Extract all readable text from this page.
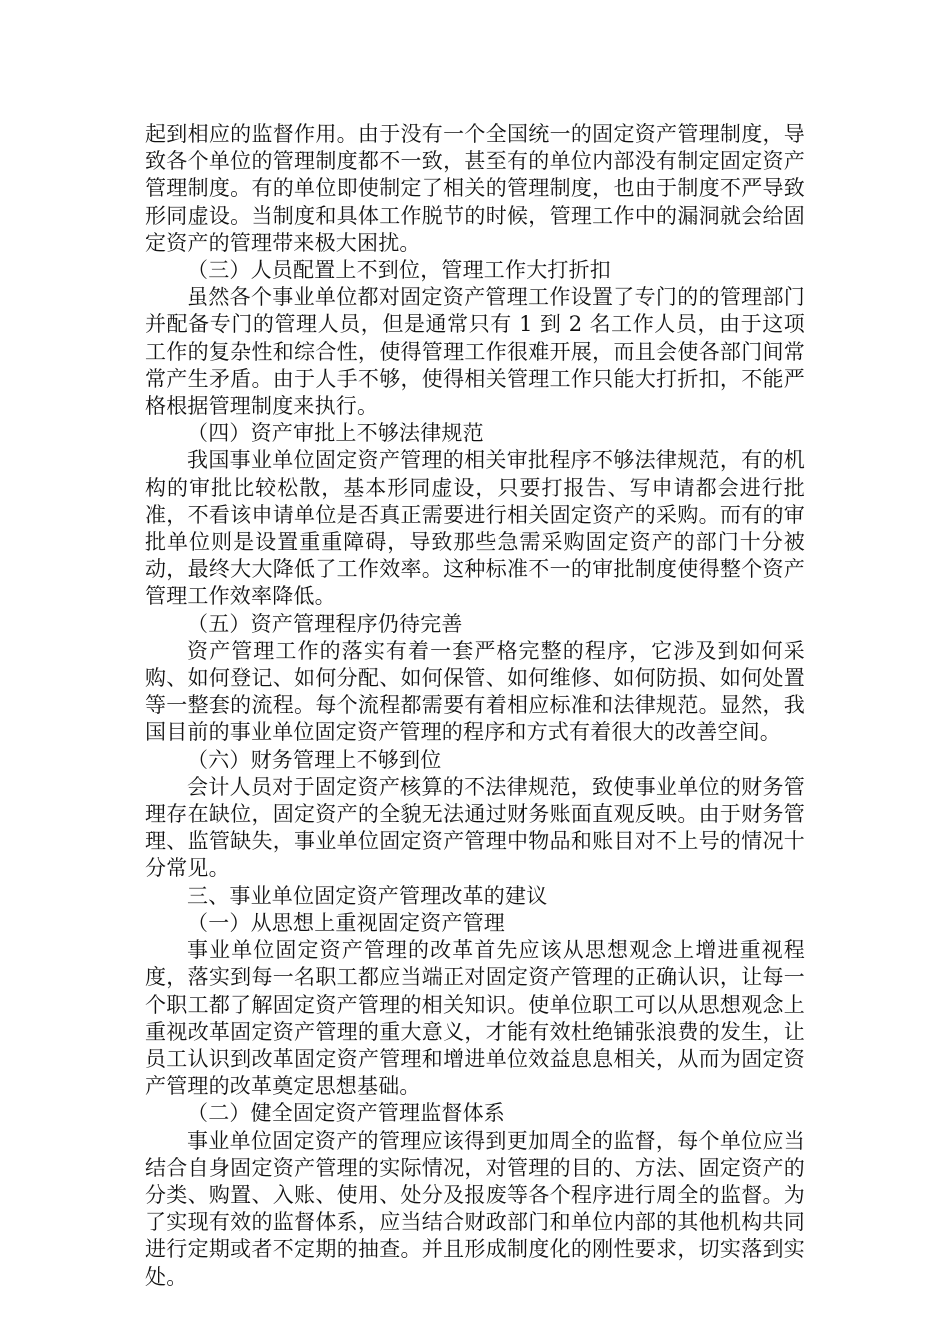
起到相应的监督作用。由于没有一个全国统一的固定资产管理制度，导致各个单位的管理制度都不一致，甚至有的单位内部没有制定固定资产管理制度。有的单位即使制定了相关的管理制度，也由于制度不严导致形同虚设。当制度和具体工作脱节的时候，管理工作中的漏洞就会给固定资产的管理带来极大困扰。

（三）人员配置上不到位，管理工作大打折扣

虽然各个事业单位都对固定资产管理工作设置了专门的的管理部门并配备专门的管理人员，但是通常只有 1 到 2 名工作人员，由于这项工作的复杂性和综合性，使得管理工作很难开展，而且会使各部门间常常产生矛盾。由于人手不够，使得相关管理工作只能大打折扣，不能严格根据管理制度来执行。

（四）资产审批上不够法律规范

我国事业单位固定资产管理的相关审批程序不够法律规范，有的机构的审批比较松散，基本形同虚设，只要打报告、写申请都会进行批准，不看该申请单位是否真正需要进行相关固定资产的采购。而有的审批单位则是设置重重障碍，导致那些急需采购固定资产的部门十分被动，最终大大降低了工作效率。这种标准不一的审批制度使得整个资产管理工作效率降低。

（五）资产管理程序仍待完善

资产管理工作的落实有着一套严格完整的程序，它涉及到如何采购、如何登记、如何分配、如何保管、如何维修、如何防损、如何处置等一整套的流程。每个流程都需要有着相应标准和法律规范。显然，我国目前的事业单位固定资产管理的程序和方式有着很大的改善空间。

（六）财务管理上不够到位

会计人员对于固定资产核算的不法律规范，致使事业单位的财务管理存在缺位，固定资产的全貌无法通过财务账面直观反映。由于财务管理、监管缺失，事业单位固定资产管理中物品和账目对不上号的情况十分常见。

三、事业单位固定资产管理改革的建议

（一）从思想上重视固定资产管理

事业单位固定资产管理的改革首先应该从思想观念上增进重视程度，落实到每一名职工都应当端正对固定资产管理的正确认识，让每一个职工都了解固定资产管理的相关知识。使单位职工可以从思想观念上重视改革固定资产管理的重大意义，才能有效杜绝铺张浪费的发生，让员工认识到改革固定资产管理和增进单位效益息息相关，从而为固定资产管理的改革奠定思想基础。

（二）健全固定资产管理监督体系

事业单位固定资产的管理应该得到更加周全的监督，每个单位应当结合自身固定资产管理的实际情况，对管理的目的、方法、固定资产的分类、购置、入账、使用、处分及报废等各个程序进行周全的监督。为了实现有效的监督体系，应当结合财政部门和单位内部的其他机构共同进行定期或者不定期的抽查。并且形成制度化的刚性要求，切实落到实处。
